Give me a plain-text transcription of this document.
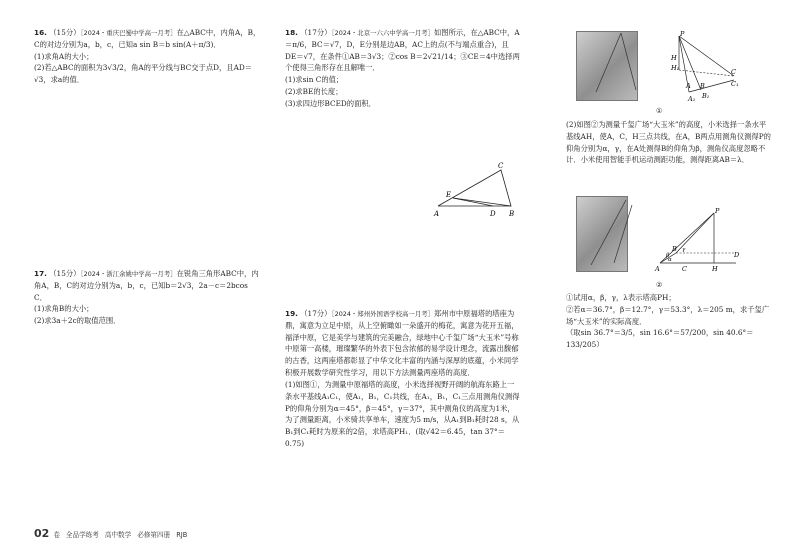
16. （15分）［2024・重庆巴蜀中学高一月考］在△ABC中，内角A，B，C的对边分别为a，b，c，已知a sin B＝b sin(A＋π/3)．

(1)求角A的大小；

(2)若△ABC的面积为3√3/2，角A的平分线与BC交于点D，且AD＝√3，求a的值．

17. （15分）［2024・浙江余姚中学高一月考］在锐角三角形ABC中，内角A，B，C的对边分别为a，b，c，已知b＝2√3，2a－c＝2bcos C．

(1)求角B的大小；

(2)求3a＋2c的取值范围．

18. （17分）［2024・北京一六六中学高一月考］如图所示，在△ABC中，A＝π/6，BC＝√7，D，E分别是边AB，AC上的点(不与端点重合)，且DE＝√7，在条件①AB＝3√3；②cos B＝2√21/14；③CE＝4中选择两个使得三角形存在且解唯一．

(1)求sin C的值；

(2)求BE的长度；

(3)求四边形BCED的面积．

C
E
A	D B

19. （17分）［2024・郑州外国语学校高一月考］郑州市中原福塔的塔座为鼎，寓意为立足中原，从上空俯瞰如一朵盛开的梅花，寓意为花开五福，福泽中原，它是美学与建筑的完美融合，绿地中心千玺广场“大玉米”号称中原第一高楼，璀璨繁华的外表下包含浓郁的易学设计理念，流露出馥郁的古香，这两座塔都彰显了中华文化丰富的内涵与深厚的底蕴，小米同学积极开展数学研究性学习，用以下方法测量两座塔的高度．

(1)如图①，为测量中原福塔的高度，小米选择视野开阔的航海东路上一条水平基线A₁C₁，使A₁，B₁，C₁共线，在A₁，B₁，C₁三点用测角仪测得P的仰角分别为α＝45°，β＝45°，γ＝37°，其中测角仪的高度为1米，为了测量距离，小米骑共享单车，速度为5 m/s，从A₁到B₁耗时28 s，从B₁到C₁耗时为原来的2倍，求塔高PH₁．(取√42＝6.45，tan 37°＝0.75)

P
H
H₁
B
A
C
A₁ B₁
C₁
①

(2)如图②为测量千玺广场“大玉米”的高度，小米选择一条水平基线AH，使A，C，H三点共线，在A，B两点用测角仪测得P的仰角分别为α，γ，在A处测得B的仰角为β，测角仪高度忽略不计．小米使用智能手机运动测距功能，测得距离AB＝λ．

P
A
B
C
D
H
α
β
γ
②

①试用α，β，γ，λ表示塔高PH；

②若α＝36.7°，β＝12.7°，γ＝53.3°，λ＝205 m，求千玺广场“大玉米”的实际高度．

（取sin 36.7°＝3/5，sin 16.6°＝57/200，sin 40.6°＝133/205）

02 卷 全品学练考 高中数学 必修第四册 RJB
